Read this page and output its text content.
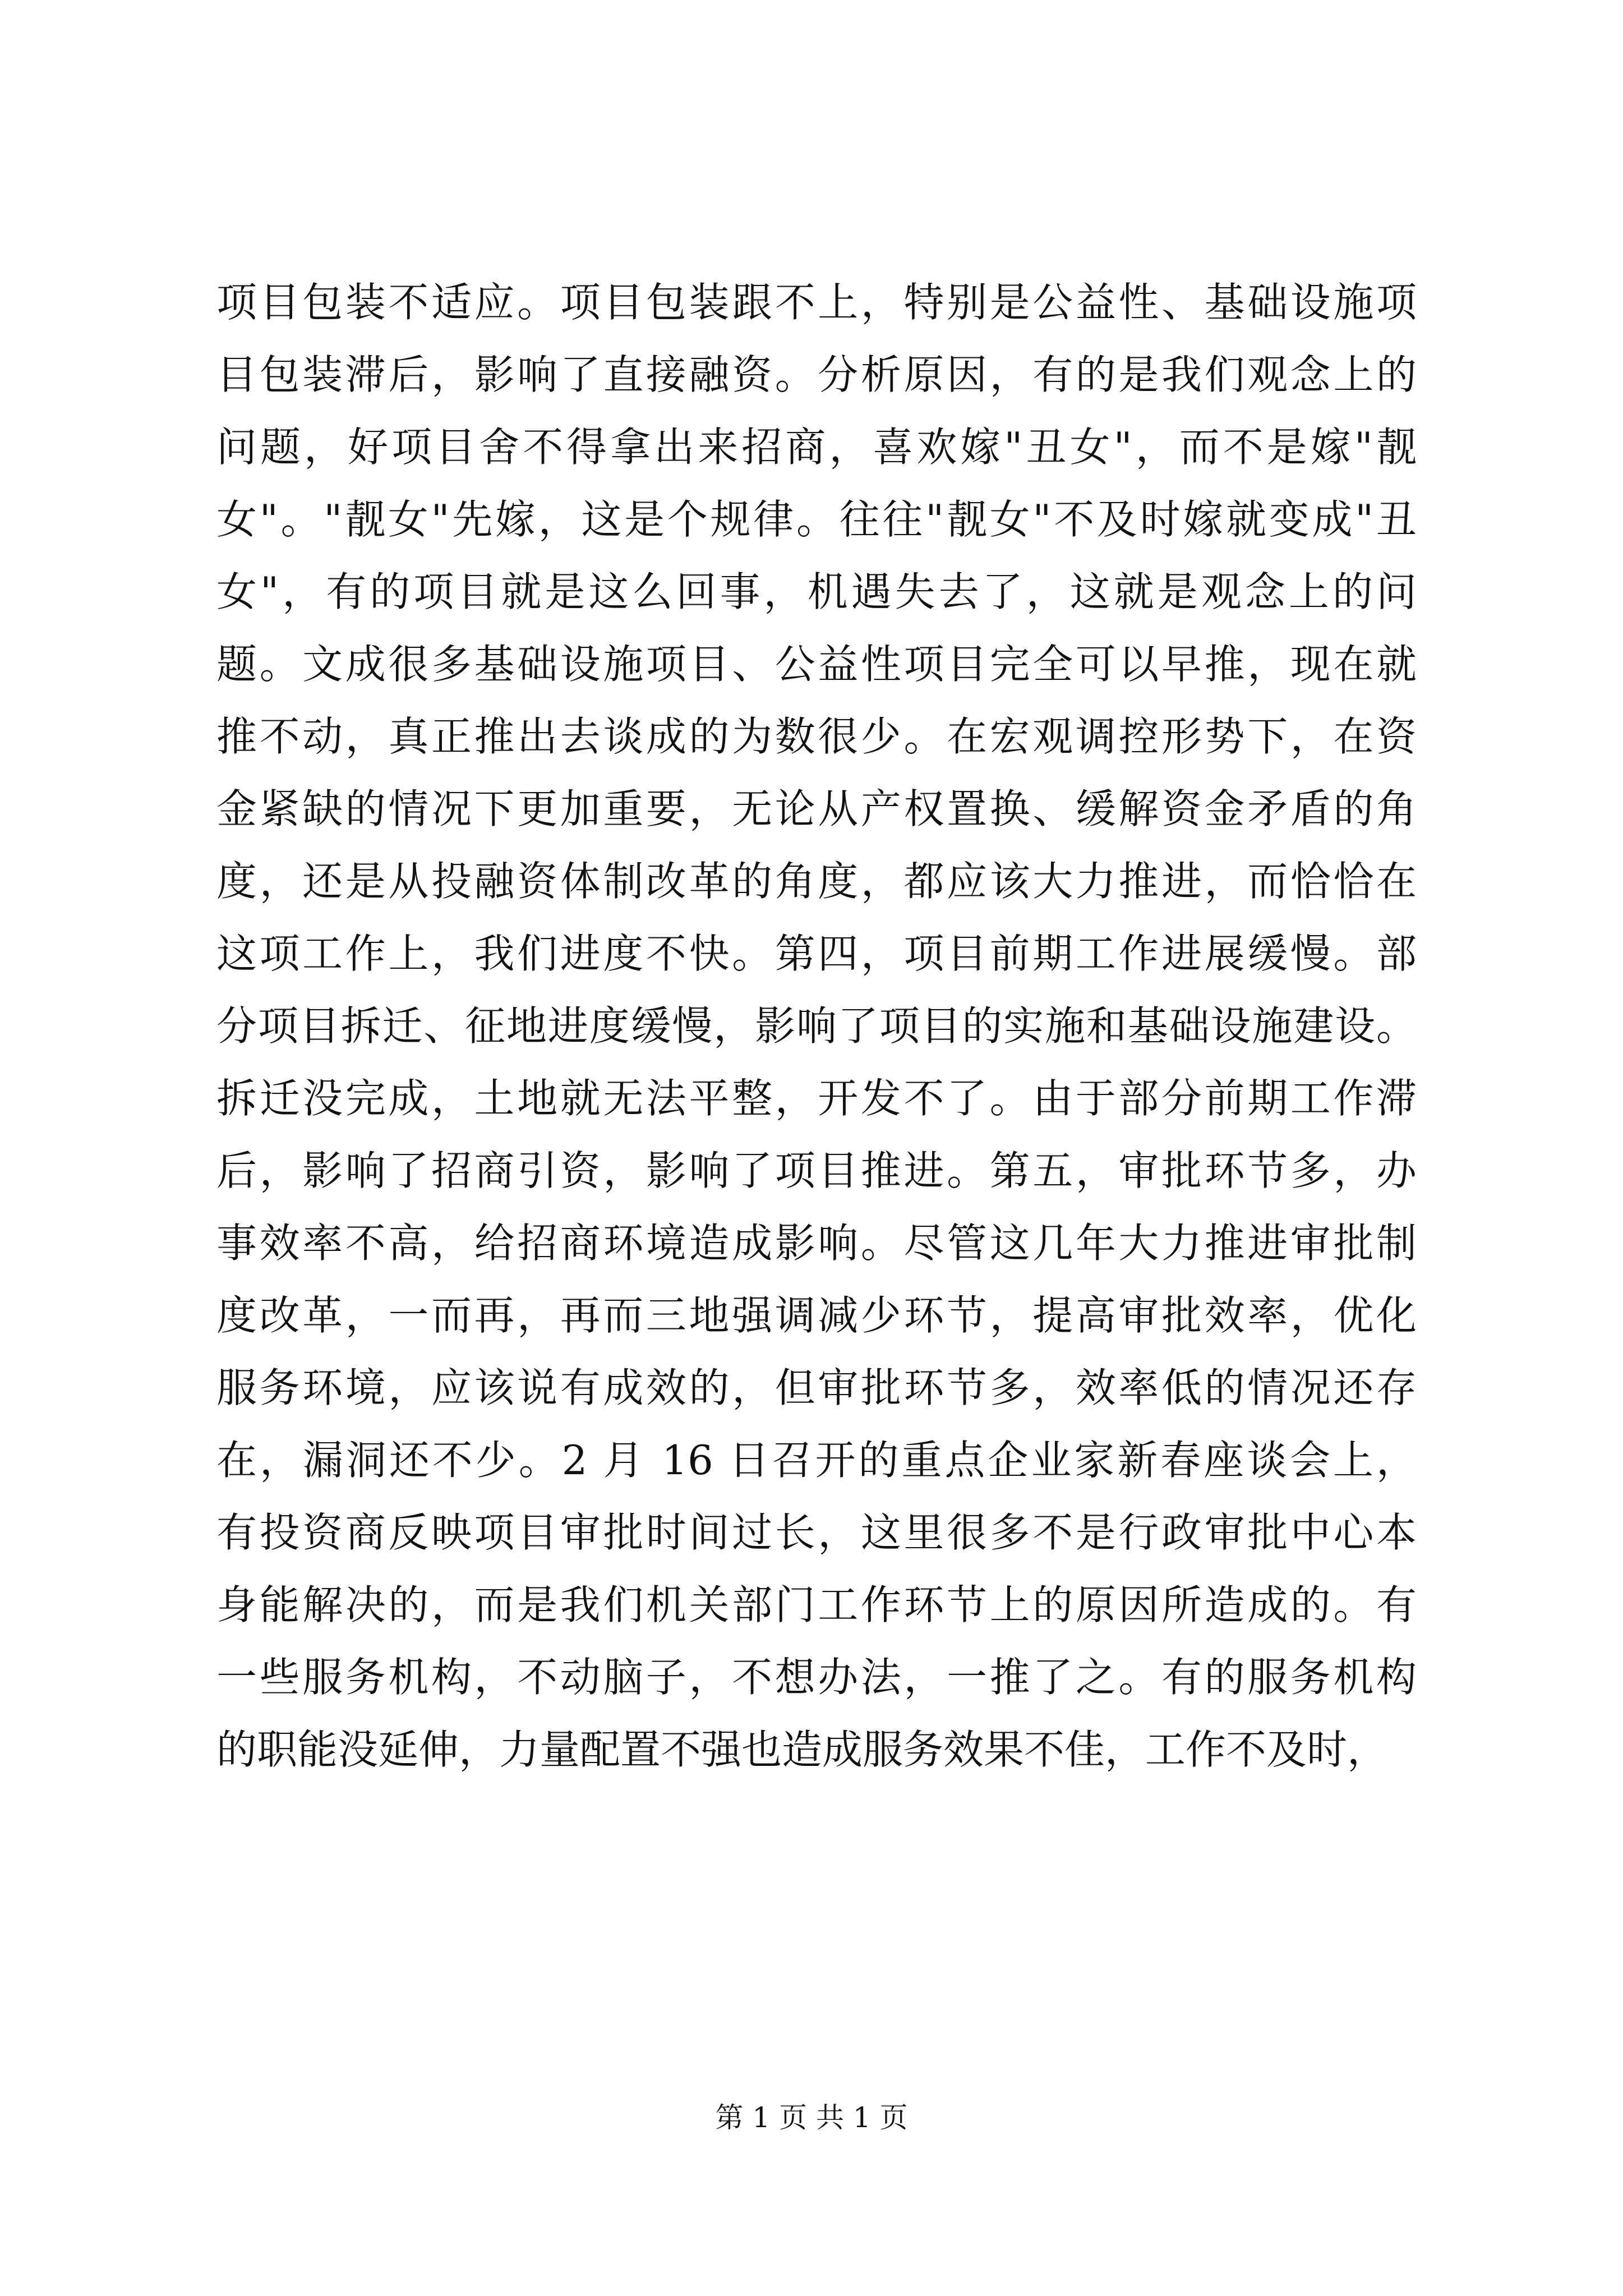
项目包装不适应。项目包装跟不上，特别是公益性、基础设施项
目包装滞后，影响了直接融资。分析原因，有的是我们观念上的
问题，好项目舍不得拿出来招商，喜欢嫁"丑女"，而不是嫁"靓
女"。"靓女"先嫁，这是个规律。往往"靓女"不及时嫁就变成"丑
女"，有的项目就是这么回事，机遇失去了，这就是观念上的问
题。文成很多基础设施项目、公益性项目完全可以早推，现在就
推不动，真正推出去谈成的为数很少。在宏观调控形势下，在资
金紧缺的情况下更加重要，无论从产权置换、缓解资金矛盾的角
度，还是从投融资体制改革的角度，都应该大力推进，而恰恰在
这项工作上，我们进度不快。第四，项目前期工作进展缓慢。部
分项目拆迁、征地进度缓慢，影响了项目的实施和基础设施建设。
拆迁没完成，土地就无法平整，开发不了。由于部分前期工作滞
后，影响了招商引资，影响了项目推进。第五，审批环节多，办
事效率不高，给招商环境造成影响。尽管这几年大力推进审批制
度改革，一而再，再而三地强调减少环节，提高审批效率，优化
服务环境，应该说有成效的，但审批环节多，效率低的情况还存
在，漏洞还不少。2 月 16 日召开的重点企业家新春座谈会上，
有投资商反映项目审批时间过长，这里很多不是行政审批中心本
身能解决的，而是我们机关部门工作环节上的原因所造成的。有
一些服务机构，不动脑子，不想办法，一推了之。有的服务机构
的职能没延伸，力量配置不强也造成服务效果不佳，工作不及时，
第 1 页 共 1 页
